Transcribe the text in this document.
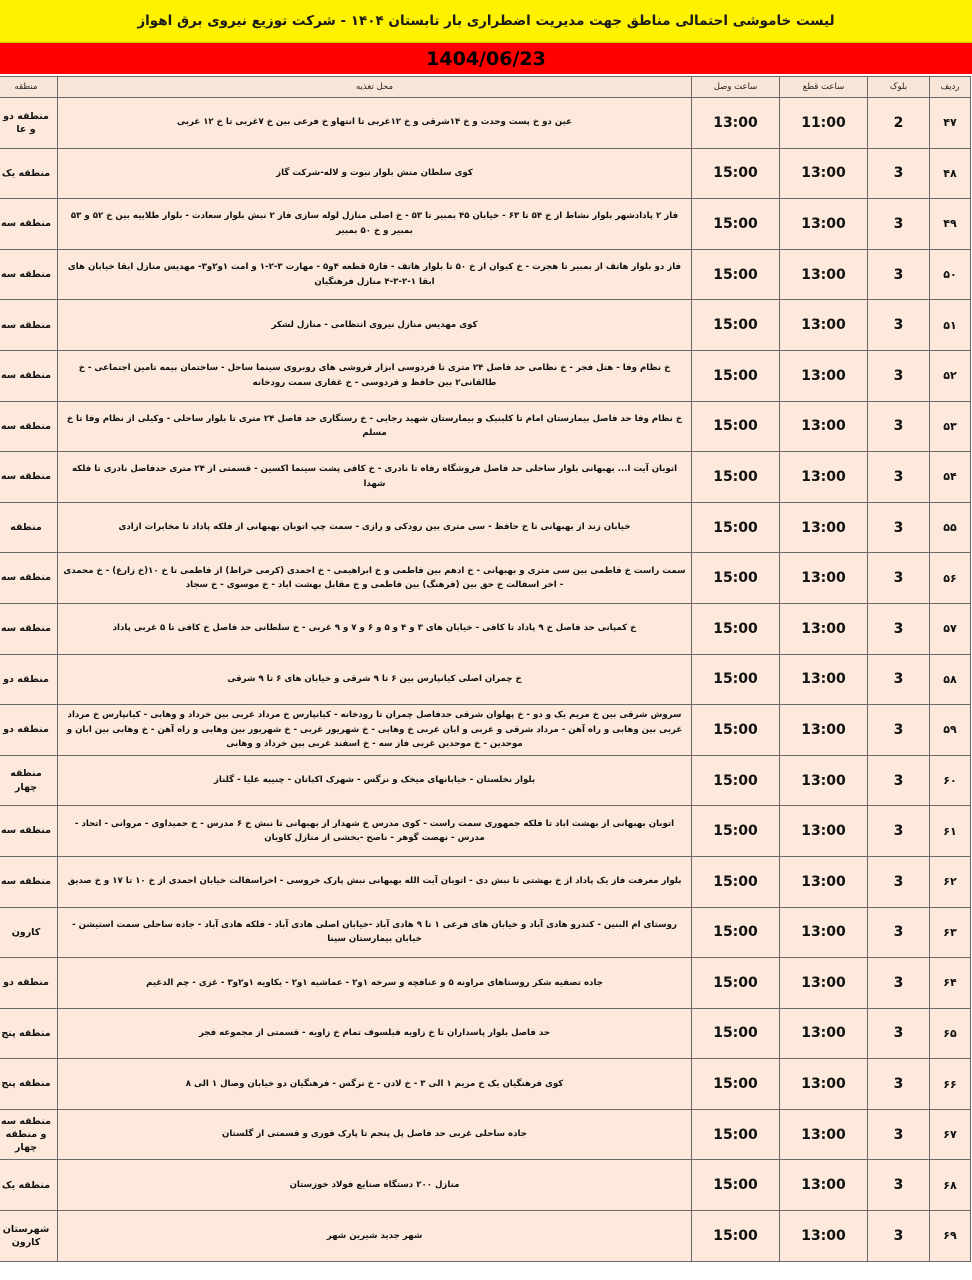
لیست خاموشی احتمالی مناطق جهت مدیریت اضطراری بار تابستان ۱۴۰۴ - شرکت توزیع نیروی برق اهواز
1404/06/23
منطقه	محل تغذیه	ساعت وصل	ساعت قطع	بلوک	ردیف
منطقه دو و عا	عین دو خ پست وحدت و خ ۱۴شرقی و خ ۱۲غربی تا انتهاو خ فرعی بین خ ۷غربی تا خ ۱۲ غربی	13:00	11:00	2	۴۷
منطقه یک	کوی سلطان منش بلوار نبوت و لاله-شرکت گاز	15:00	13:00	3	۴۸
منطقه سه	فاز ۲ پادادشهر بلوار نشاط از خ ۵۴ تا ۶۳ - خیابان ۴۵ بمبیر تا ۵۳ - خ اصلی منازل لوله سازی فاز ۲ نبش بلوار سعادت - بلوار طلاییه بین خ ۵۲ و ۵۳ بمبیر و خ ۵۰ بمبیر	15:00	13:00	3	۴۹
منطقه سه	فاز دو بلوار هاتف از بمبیر تا هجرت - خ کیوان از خ ۵۰ تا بلوار هاتف - فاز۵ قطعه ۴و۵ - مهارت ۳-۲-۱ و امت ۱و۲و۳- مهدیس منازل ابقا خیابان های ابقا ۱-۲-۳-۴ منازل فرهنگیان	15:00	13:00	3	۵۰
منطقه سه	کوی مهدیس منازل نیروی انتظامی - منازل لشکر	15:00	13:00	3	۵۱
منطقه سه	خ نظام وفا - هتل فجر - خ نظامی حد فاصل ۲۴ متری تا فردوسی ابزار فروشی های روبروی سینما ساحل - ساختمان بیمه تامین اجتماعی - خ طالقانی۲ بین حافظ و فردوسی - خ غفاری سمت رودخانه	15:00	13:00	3	۵۲
منطقه سه	خ نظام وفا حد فاصل بیمارستان امام تا کلینیک و بیمارستان شهید رجایی - خ رستگاری حد فاصل ۲۴ متری تا بلوار ساحلی - وکیلی از نظام وفا تا خ مسلم	15:00	13:00	3	۵۳
منطقه سه	اتوبان آیت ا... بهبهانی بلوار ساحلی حد فاصل فروشگاه رفاه تا نادری - خ کافی پشت سینما اکسین - قسمتی از ۲۴ متری حدفاصل نادری تا فلکه شهدا	15:00	13:00	3	۵۴
منطقه	خیابان زند از بهبهانی تا خ حافظ - سی متری بین رودکی و رازی - سمت چپ اتوبان بهبهانی از فلکه پاداد تا مخابرات ازادی	15:00	13:00	3	۵۵
منطقه سه	سمت راست خ فاطمی بین سی متری و بهبهانی - خ ادهم بین فاطمی و خ ابراهیمی - خ احمدی (کرمی خراط) از فاطمی تا خ ۱۰(خ زارع) - خ محمدی - اخر اسفالت خ حق بین (فرهنگ) بین فاطمی و خ مقابل بهشت اباد - خ موسوی - خ سجاد	15:00	13:00	3	۵۶
منطقه سه	خ کمپانی حد فاصل خ ۹ پاداد تا کافی - خیابان های ۳ و ۴ و ۵ و ۶ و ۷ و ۹ غربی - خ سلطانی حد فاصل خ کافی تا ۵ غربی پاداد	15:00	13:00	3	۵۷
منطقه دو	خ چمران اصلی کیانپارس بین ۶ تا ۹ شرقی و خیابان های ۶ تا ۹ شرقی	15:00	13:00	3	۵۸
منطقه دو	سروش شرقی بین خ مریم یک و دو - خ پهلوان شرقی حدفاصل چمران تا رودخانه - کیانپارس خ مرداد غربی بین خرداد و وهابی - کیانپارس خ مرداد غربی بین وهابی و راه آهن - مرداد شرقی و غربی و ابان غربی خ وهابی - خ شهریور غربی - خ شهریور بین وهابی و راه آهن - خ وهابی بین ابان و موحدین - خ موحدین غربی فاز سه - خ اسفند غربی بین خرداد و وهابی	15:00	13:00	3	۵۹
منطقه چهار	بلوار نخلستان - خیابانهای میخک و نرگس - شهرک اکباتان - چنیبه علیا - گلناز	15:00	13:00	3	۶۰
منطقه سه	اتوبان بهبهانی از بهشت اباد تا فلکه جمهوری سمت راست - کوی مدرس خ شهدار از بهبهانی تا نبش خ ۶ مدرس - خ حمیداوی - مروانی - اتحاد - مدرس - نهضت گوهر - ناصح -بخشی از منازل کاویان	15:00	13:00	3	۶۱
منطقه سه	بلوار معرفت فاز یک پاداد از خ بهشتی تا نبش دی - اتوبان آیت الله بهبهانی نبش پارک خروسی - اخراسفالت خیابان احمدی از خ ۱۰ تا ۱۷ و خ صدیق	15:00	13:00	3	۶۲
کارون	روستای ام البنین - کندرو هادی آباد و خیابان های فرعی ۱ تا ۹ هادی آباد -خیابان اصلی هادی آباد - فلکه هادی آباد - جاده ساحلی سمت استیشن - خیابان بیمارستان سینا	15:00	13:00	3	۶۳
منطقه دو	جاده تصفیه شکر روستاهای مراونه ۵ و عنافچه و سرخه ۱و۲ - عماشیه ۱و۲ - یکاویه ۱و۲و۳ - غزی - چم الدغیم	15:00	13:00	3	۶۴
منطقه پنج	حد فاصل بلوار پاسداران تا خ زاویه فیلسوف تمام خ زاویه - قسمتی از مجموعه فجر	15:00	13:00	3	۶۵
منطقه پنج	کوی فرهنگیان یک خ مریم ۱ الی ۳ - خ لادن - خ نرگس - فرهنگیان دو خیابان وصال ۱ الی ۸	15:00	13:00	3	۶۶
منطقه سه و منطقه چهار	جاده ساحلی غربی حد فاصل پل پنجم تا پارک فوری و قسمتی از گلستان	15:00	13:00	3	۶۷
منطقه یک	منازل ۲۰۰ دستگاه صنایع فولاد خوزستان	15:00	13:00	3	۶۸
شهرستان کارون	شهر جدید شیرین شهر	15:00	13:00	3	۶۹
